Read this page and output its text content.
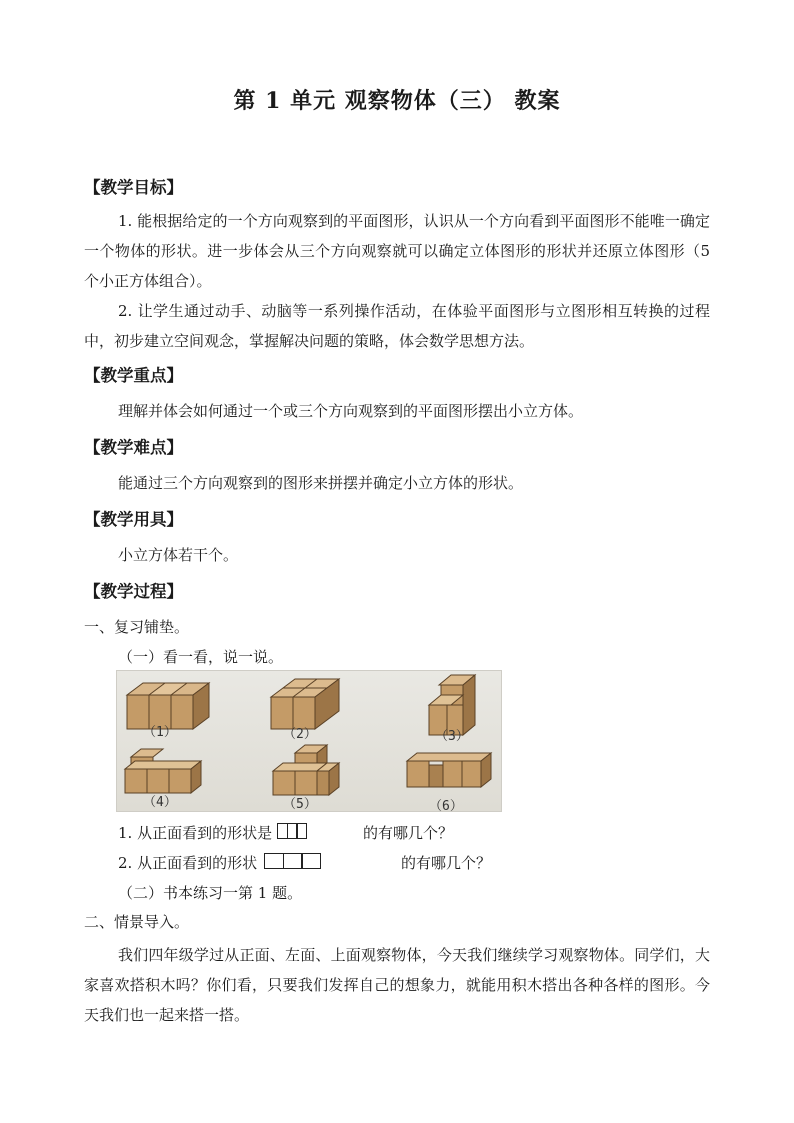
第 1 单元 观察物体（三） 教案
【教学目标】
1. 能根据给定的一个方向观察到的平面图形，认识从一个方向看到平面图形不能唯一确定一个物体的形状。进一步体会从三个方向观察就可以确定立体图形的形状并还原立体图形（5 个小正方体组合）。
2. 让学生通过动手、动脑等一系列操作活动，在体验平面图形与立图形相互转换的过程中，初步建立空间观念，掌握解决问题的策略，体会数学思想方法。
【教学重点】
理解并体会如何通过一个或三个方向观察到的平面图形摆出小立方体。
【教学难点】
能通过三个方向观察到的图形来拼摆并确定小立方体的形状。
【教学用具】
小立方体若干个。
【教学过程】
一、复习铺垫。
（一）看一看，说一说。
（1）	（2）	（3）
（4）	（5）	（6）
1. 从正面看到的形状是	的有哪几个？
2. 从正面看到的形状	的有哪几个？
（二）书本练习一第 1 题。
二、情景导入。
我们四年级学过从正面、左面、上面观察物体，今天我们继续学习观察物体。同学们，大家喜欢搭积木吗？你们看，只要我们发挥自己的想象力，就能用积木搭出各种各样的图形。今天我们也一起来搭一搭。
